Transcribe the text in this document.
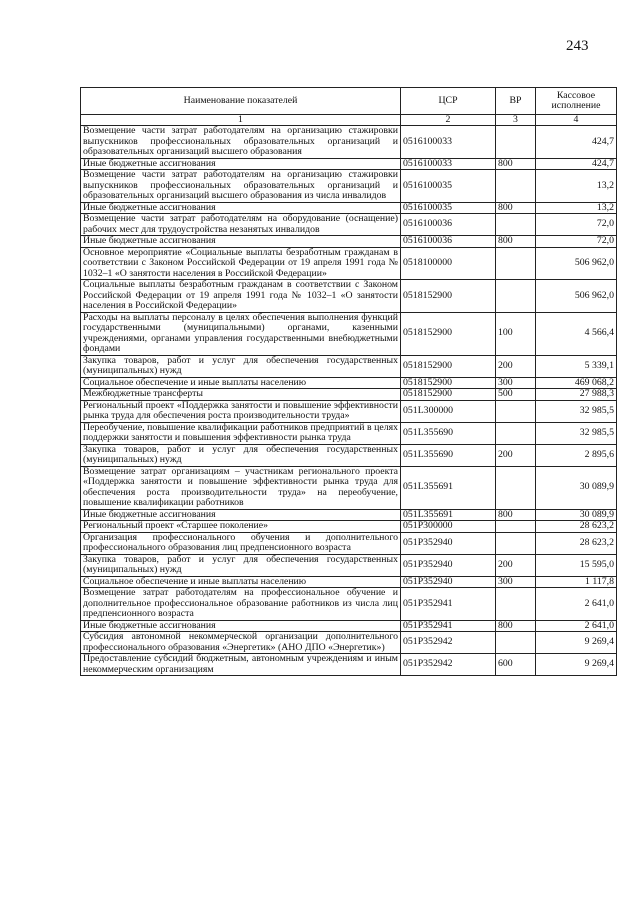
243
Наименование показателей	ЦСР	ВР	Кассовое исполнение
1	2	3	4
Возмещение части затрат работодателям на организацию стажировки выпускников профессиональных образовательных организаций и образовательных организаций высшего образования	0516100033		424,7
Иные бюджетные ассигнования	0516100033	800	424,7
Возмещение части затрат работодателям на организацию стажировки выпускников профессиональных образовательных организаций и образовательных организаций высшего образования из числа инвалидов	0516100035		13,2
Иные бюджетные ассигнования	0516100035	800	13,2
Возмещение части затрат работодателям на оборудование (оснащение) рабочих мест для трудоустройства незанятых инвалидов	0516100036		72,0
Иные бюджетные ассигнования	0516100036	800	72,0
Основное мероприятие «Социальные выплаты безработным гражданам в соответствии с Законом Российской Федерации от 19 апреля 1991 года № 1032–1 «О занятости населения в Российской Федерации»	0518100000		506 962,0
Социальные выплаты безработным гражданам в соответствии с Законом Российской Федерации от 19 апреля 1991 года № 1032–1 «О занятости населения в Российской Федерации»	0518152900		506 962,0
Расходы на выплаты персоналу в целях обеспечения выполнения функций государственными (муниципальными) органами, казенными учреждениями, органами управления государственными внебюджетными фондами	0518152900	100	4 566,4
Закупка товаров, работ и услуг для обеспечения государственных (муниципальных) нужд	0518152900	200	5 339,1
Социальное обеспечение и иные выплаты населению	0518152900	300	469 068,2
Межбюджетные трансферты	0518152900	500	27 988,3
Региональный проект «Поддержка занятости и повышение эффективности рынка труда для обеспечения роста производительности труда»	051L300000		32 985,5
Переобучение, повышение квалификации работников предприятий в целях поддержки занятости и повышения эффективности рынка труда	051L355690		32 985,5
Закупка товаров, работ и услуг для обеспечения государственных (муниципальных) нужд	051L355690	200	2 895,6
Возмещение затрат организациям – участникам регионального проекта «Поддержка занятости и повышение эффективности рынка труда для обеспечения роста производительности труда» на переобучение, повышение квалификации работников	051L355691		30 089,9
Иные бюджетные ассигнования	051L355691	800	30 089,9
Региональный проект «Старшее поколение»	051P300000		28 623,2
Организация профессионального обучения и дополнительного профессионального образования лиц предпенсионного возраста	051P352940		28 623,2
Закупка товаров, работ и услуг для обеспечения государственных (муниципальных) нужд	051P352940	200	15 595,0
Социальное обеспечение и иные выплаты населению	051P352940	300	1 117,8
Возмещение затрат работодателям на профессиональное обучение и дополнительное профессиональное образование работников из числа лиц предпенсионного возраста	051P352941		2 641,0
Иные бюджетные ассигнования	051P352941	800	2 641,0
Субсидия автономной некоммерческой организации дополнительного профессионального образования «Энергетик» (АНО ДПО «Энергетик»)	051P352942		9 269,4
Предоставление субсидий бюджетным, автономным учреждениям и иным некоммерческим организациям	051P352942	600	9 269,4
